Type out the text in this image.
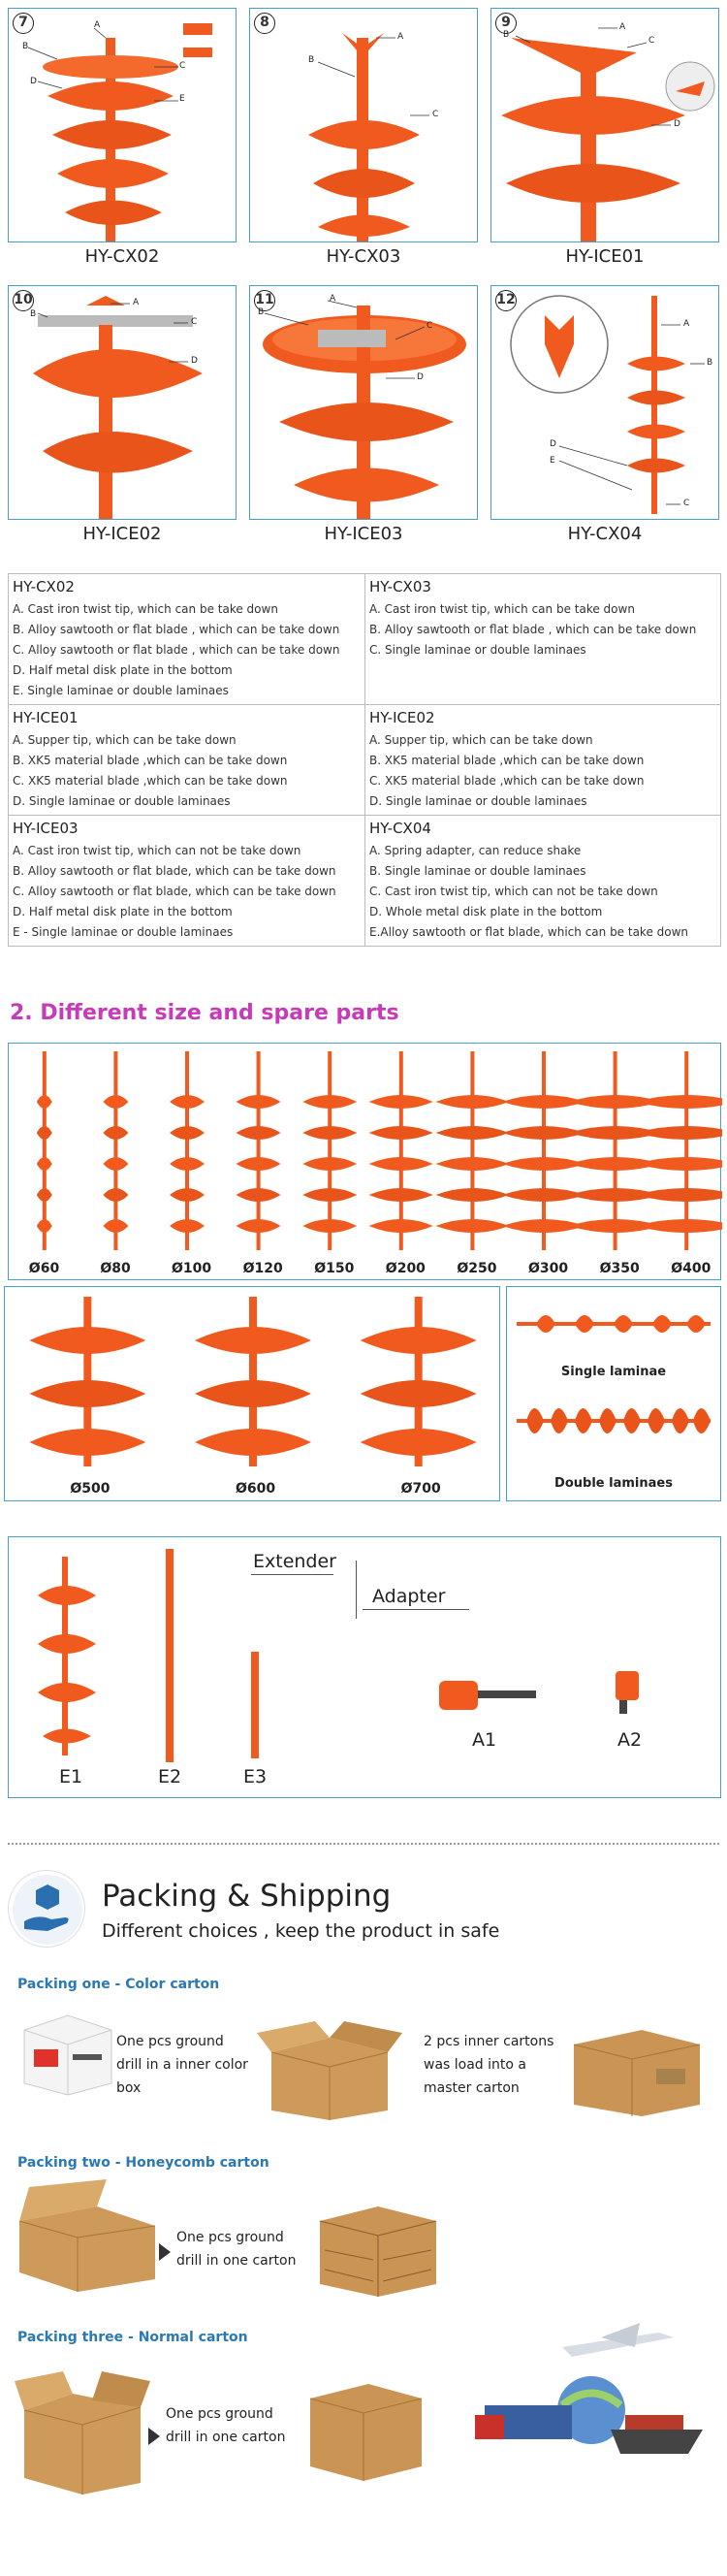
7	A
B
C
D
E
HY-CX02
8
A
B
C
HY-CX03
9	A
B
C
D
HY-ICE01
10	A
B
C
D
HY-ICE02
11	A
B
C
D
HY-ICE03
12
A
B
C
D
E
HY-CX04
HY-CX02
A. Cast iron twist tip, which can be take down
B. Alloy sawtooth or flat blade , which can be take down
C. Alloy sawtooth or flat blade , which can be take down
D. Half metal disk plate in the bottom
E. Single laminae or double laminaes
HY-CX03
A. Cast iron twist tip, which can be take down
B. Alloy sawtooth or flat blade , which can be take down
C. Single laminae or double laminaes
HY-ICE01
A. Supper tip, which can be take down
B. XK5 material blade ,which can be take down
C. XK5 material blade ,which can be take down
D. Single laminae or double laminaes
HY-ICE02
A. Supper tip, which can be take down
B. XK5 material blade ,which can be take down
C. XK5 material blade ,which can be take down
D. Single laminae or double laminaes
HY-ICE03
A. Cast iron twist tip, which can not be take down
B. Alloy sawtooth or flat blade, which can be take down
C. Alloy sawtooth or flat blade, which can be take down
D. Half metal disk plate in the bottom
E - Single laminae or double laminaes
HY-CX04
A. Spring adapter, can reduce shake
B. Single laminae or double laminaes
C. Cast iron twist tip, which can not be take down
D. Whole metal disk plate in the bottom
E.Alloy sawtooth or flat blade, which can be take down
2. Different size and spare parts
Ø60	Ø80	Ø100 Ø120 Ø150 Ø200 Ø250 Ø300 Ø350 Ø400
Ø500	Ø600	Ø700
Single laminae
Double laminaes
Extender
Adapter
E1	E2	E3
A1	A2
Packing & Shipping
Different choices , keep the product in safe
Packing one - Color carton
One pcs ground drill in a inner color box
2 pcs inner cartons was load into a master carton
Packing two - Honeycomb carton
One pcs ground drill in one carton
Packing three - Normal carton
One pcs ground drill in one carton
